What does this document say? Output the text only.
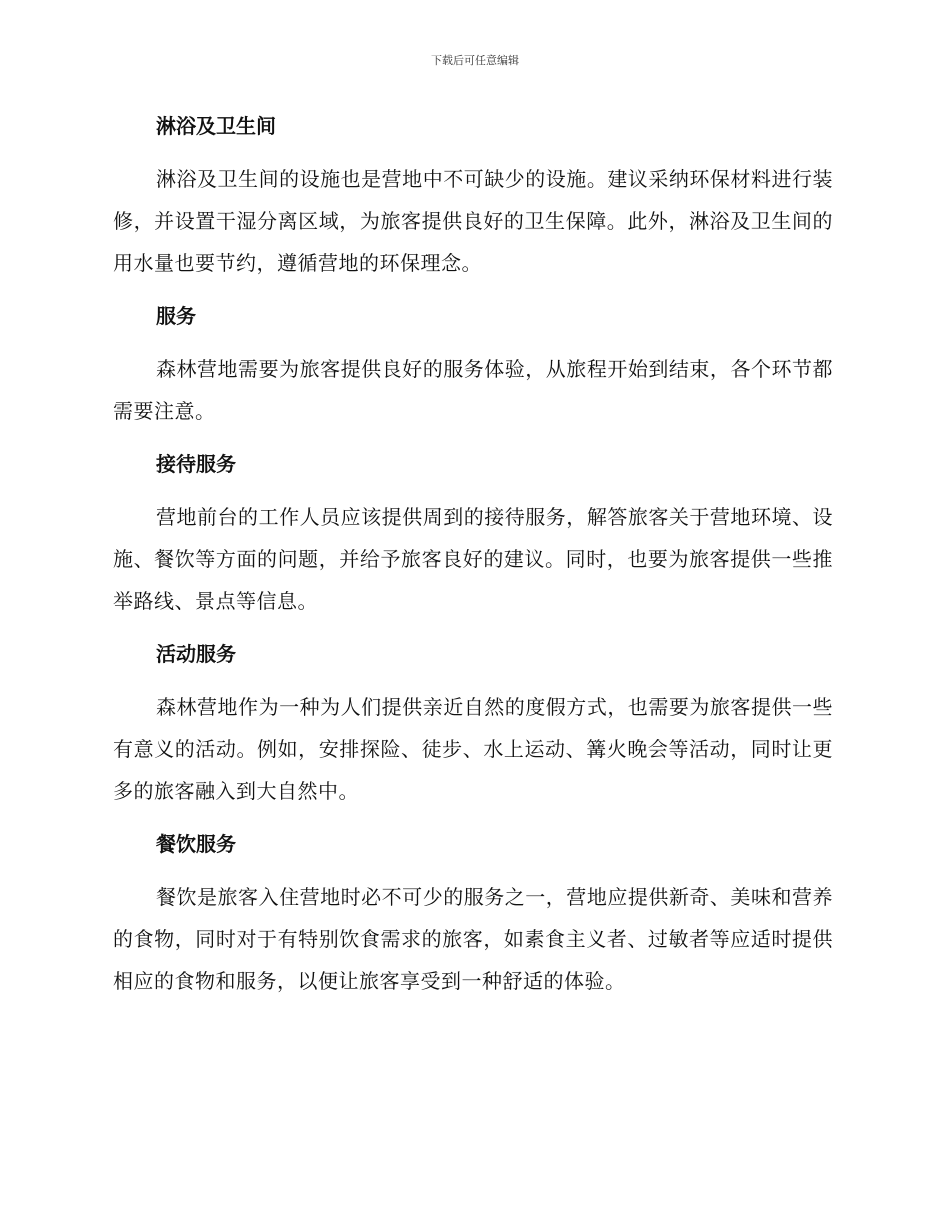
下载后可任意编辑
淋浴及卫生间

淋浴及卫生间的设施也是营地中不可缺少的设施。建议采纳环保材料进行装修，并设置干湿分离区域，为旅客提供良好的卫生保障。此外，淋浴及卫生间的用水量也要节约，遵循营地的环保理念。

服务

森林营地需要为旅客提供良好的服务体验，从旅程开始到结束，各个环节都需要注意。

接待服务

营地前台的工作人员应该提供周到的接待服务，解答旅客关于营地环境、设施、餐饮等方面的问题，并给予旅客良好的建议。同时，也要为旅客提供一些推举路线、景点等信息。

活动服务

森林营地作为一种为人们提供亲近自然的度假方式，也需要为旅客提供一些有意义的活动。例如，安排探险、徒步、水上运动、篝火晚会等活动，同时让更多的旅客融入到大自然中。

餐饮服务

餐饮是旅客入住营地时必不可少的服务之一，营地应提供新奇、美味和营养的食物，同时对于有特别饮食需求的旅客，如素食主义者、过敏者等应适时提供相应的食物和服务，以便让旅客享受到一种舒适的体验。
